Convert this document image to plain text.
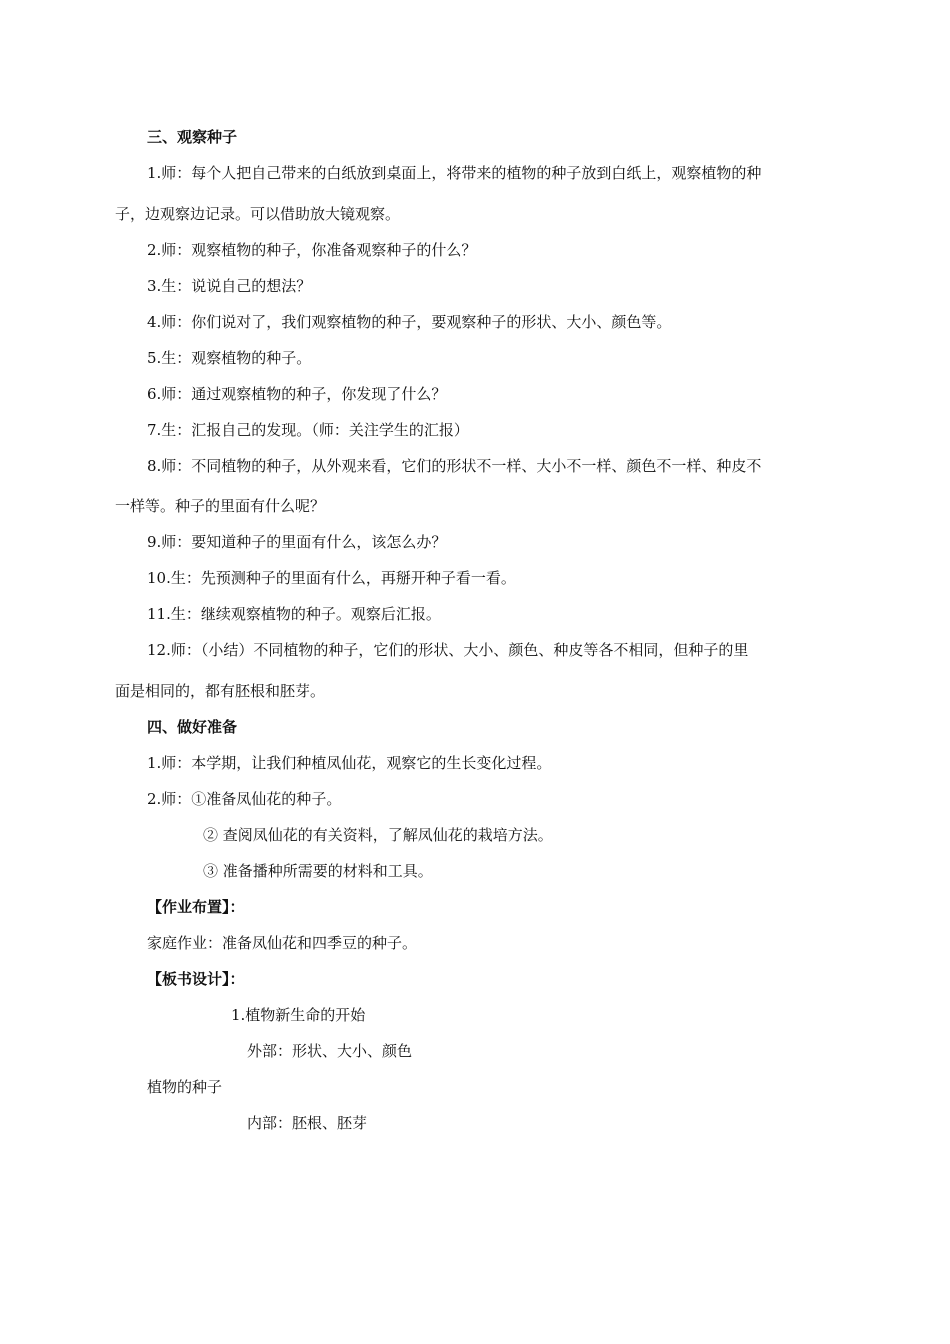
三、观察种子
1.师：每个人把自己带来的白纸放到桌面上，将带来的植物的种子放到白纸上，观察植物的种
子，边观察边记录。可以借助放大镜观察。
2.师：观察植物的种子，你准备观察种子的什么？
3.生：说说自己的想法？
4.师：你们说对了，我们观察植物的种子，要观察种子的形状、大小、颜色等。
5.生：观察植物的种子。
6.师：通过观察植物的种子，你发现了什么？
7.生：汇报自己的发现。（师：关注学生的汇报）
8.师：不同植物的种子，从外观来看，它们的形状不一样、大小不一样、颜色不一样、种皮不
一样等。种子的里面有什么呢？
9.师：要知道种子的里面有什么，该怎么办？
10.生：先预测种子的里面有什么，再掰开种子看一看。
11.生：继续观察植物的种子。观察后汇报。
12.师：（小结）不同植物的种子，它们的形状、大小、颜色、种皮等各不相同，但种子的里
面是相同的，都有胚根和胚芽。
四、做好准备
1.师：本学期，让我们种植凤仙花，观察它的生长变化过程。
2.师：①准备凤仙花的种子。
② 查阅凤仙花的有关资料，了解凤仙花的栽培方法。
③ 准备播种所需要的材料和工具。
【作业布置】：
家庭作业：准备凤仙花和四季豆的种子。
【板书设计】：
1.植物新生命的开始
外部：形状、大小、颜色
植物的种子
内部：胚根、胚芽
